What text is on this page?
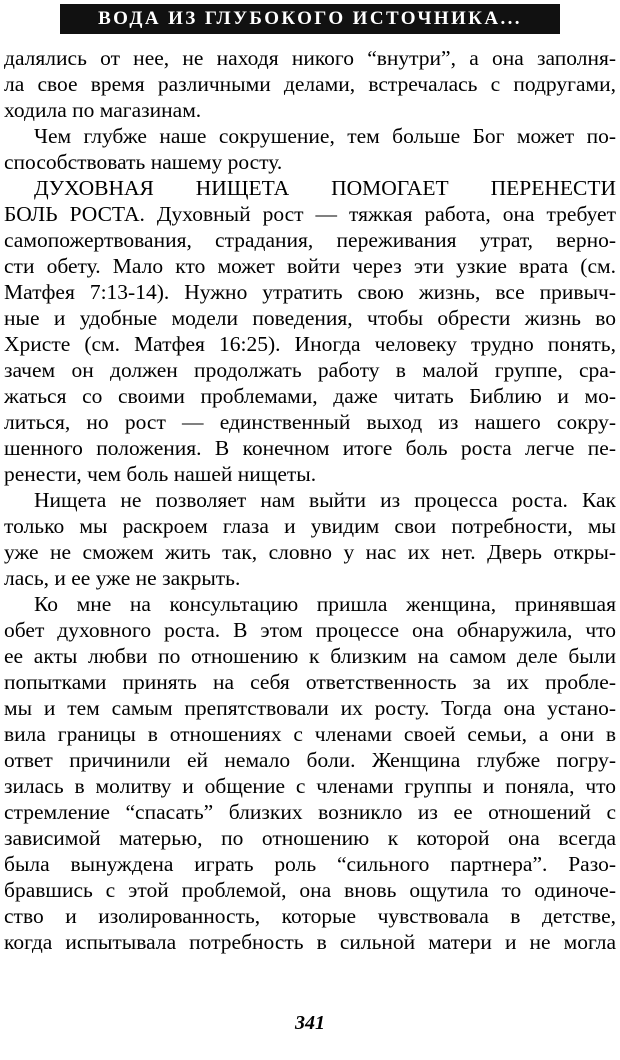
ВОДА ИЗ ГЛУБОКОГО ИСТОЧНИКА...
далялись от нее, не находя никого “внутри”, а она заполня-
ла свое время различными делами, встречалась с подругами,
ходила по магазинам.
Чем глубже наше сокрушение, тем больше Бог может по-
способствовать нашему росту.
ДУХОВНАЯ НИЩЕТА ПОМОГАЕТ ПЕРЕНЕСТИ
БОЛЬ РОСТА. Духовный рост — тяжкая работа, она требует
самопожертвования, страдания, переживания утрат, верно-
сти обету. Мало кто может войти через эти узкие врата (см.
Матфея 7:13-14). Нужно утратить свою жизнь, все привыч-
ные и удобные модели поведения, чтобы обрести жизнь во
Христе (см. Матфея 16:25). Иногда человеку трудно понять,
зачем он должен продолжать работу в малой группе, сра-
жаться со своими проблемами, даже читать Библию и мо-
литься, но рост — единственный выход из нашего сокру-
шенного положения. В конечном итоге боль роста легче пе-
ренести, чем боль нашей нищеты.
Нищета не позволяет нам выйти из процесса роста. Как
только мы раскроем глаза и увидим свои потребности, мы
уже не сможем жить так, словно у нас их нет. Дверь откры-
лась, и ее уже не закрыть.
Ко мне на консультацию пришла женщина, принявшая
обет духовного роста. В этом процессе она обнаружила, что
ее акты любви по отношению к близким на самом деле были
попытками принять на себя ответственность за их пробле-
мы и тем самым препятствовали их росту. Тогда она устано-
вила границы в отношениях с членами своей семьи, а они в
ответ причинили ей немало боли. Женщина глубже погру-
зилась в молитву и общение с членами группы и поняла, что
стремление “спасать” близких возникло из ее отношений с
зависимой матерью, по отношению к которой она всегда
была вынуждена играть роль “сильного партнера”. Разо-
бравшись с этой проблемой, она вновь ощутила то одиноче-
ство и изолированность, которые чувствовала в детстве,
когда испытывала потребность в сильной матери и не могла
341
